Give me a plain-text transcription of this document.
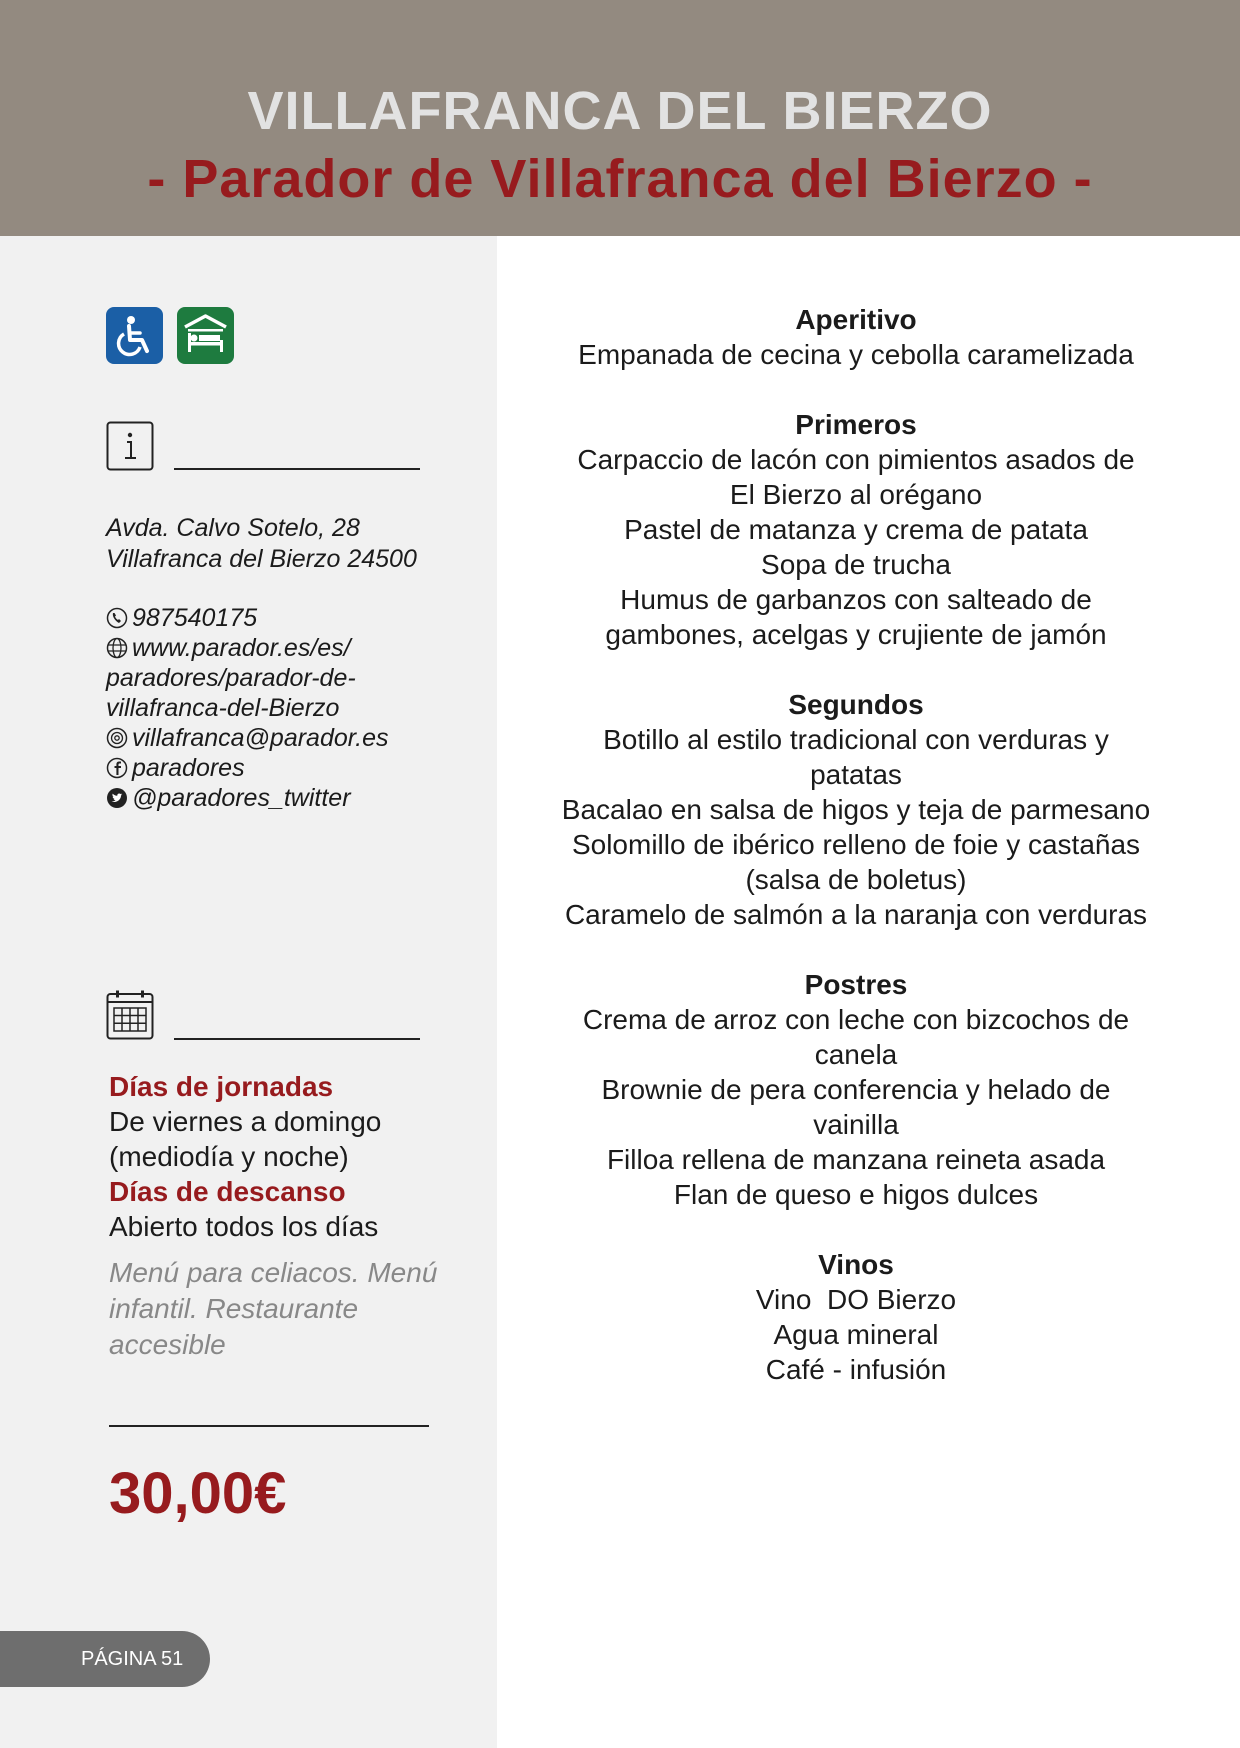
VILLAFRANCA DEL BIERZO
- Parador de Villafranca del Bierzo -
Avda. Calvo Sotelo, 28
Villafranca del Bierzo 24500
987540175
www.parador.es/es/
paradores/parador-de-
villafranca-del-Bierzo
villafranca@parador.es
paradores
@paradores_twitter
Días de jornadas
De viernes a domingo
(mediodía y noche)
Días de descanso
Abierto todos los días
Menú para celiacos. Menú
infantil. Restaurante
accesible
30,00€
PÁGINA 51
Aperitivo
Empanada de cecina y cebolla caramelizada
Primeros
Carpaccio de lacón con pimientos asados de
El Bierzo al orégano
Pastel de matanza y crema de patata
Sopa de trucha
Humus de garbanzos con salteado de
gambones, acelgas y crujiente de jamón
Segundos
Botillo al estilo tradicional con verduras y
patatas
Bacalao en salsa de higos y teja de parmesano
Solomillo de ibérico relleno de foie y castañas
(salsa de boletus)
Caramelo de salmón a la naranja con verduras
Postres
Crema de arroz con leche con bizcochos de
canela
Brownie de pera conferencia y helado de
vainilla
Filloa rellena de manzana reineta asada
Flan de queso e higos dulces
Vinos
Vino  DO Bierzo
Agua mineral
Café - infusión
